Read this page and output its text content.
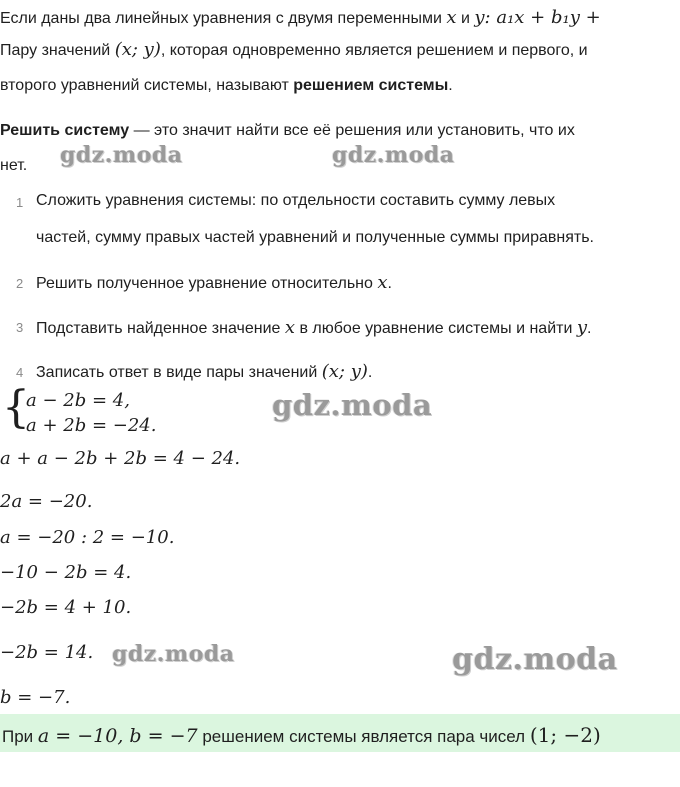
Если даны два линейных уравнения с двумя переменными x и y: a₁x + b₁y +
Пару значений (x; y), которая одновременно является решением и первого, и
второго уравнений системы, называют решением системы.
Решить систему — это значит найти все её решения или установить, что их
нет.
1 Сложить уравнения системы: по отдельности составить сумму левых
частей, сумму правых частей уравнений и полученные суммы приравнять.
2 Решить полученное уравнение относительно x.
3 Подставить найденное значение x в любое уравнение системы и найти y.
4 Записать ответ в виде пары значений (x; y).
{
a − 2b = 4,
a + 2b = −24.
a + a − 2b + 2b = 4 − 24.
2a = −20.
a = −20 : 2 = −10.
−10 − 2b = 4.
−2b = 4 + 10.
−2b = 14.
b = −7.
При a = −10, b = −7 решением системы является пара чисел (1; −2)
gdz.moda	gdz.moda
gdz.moda
gdz.moda	gdz.moda
